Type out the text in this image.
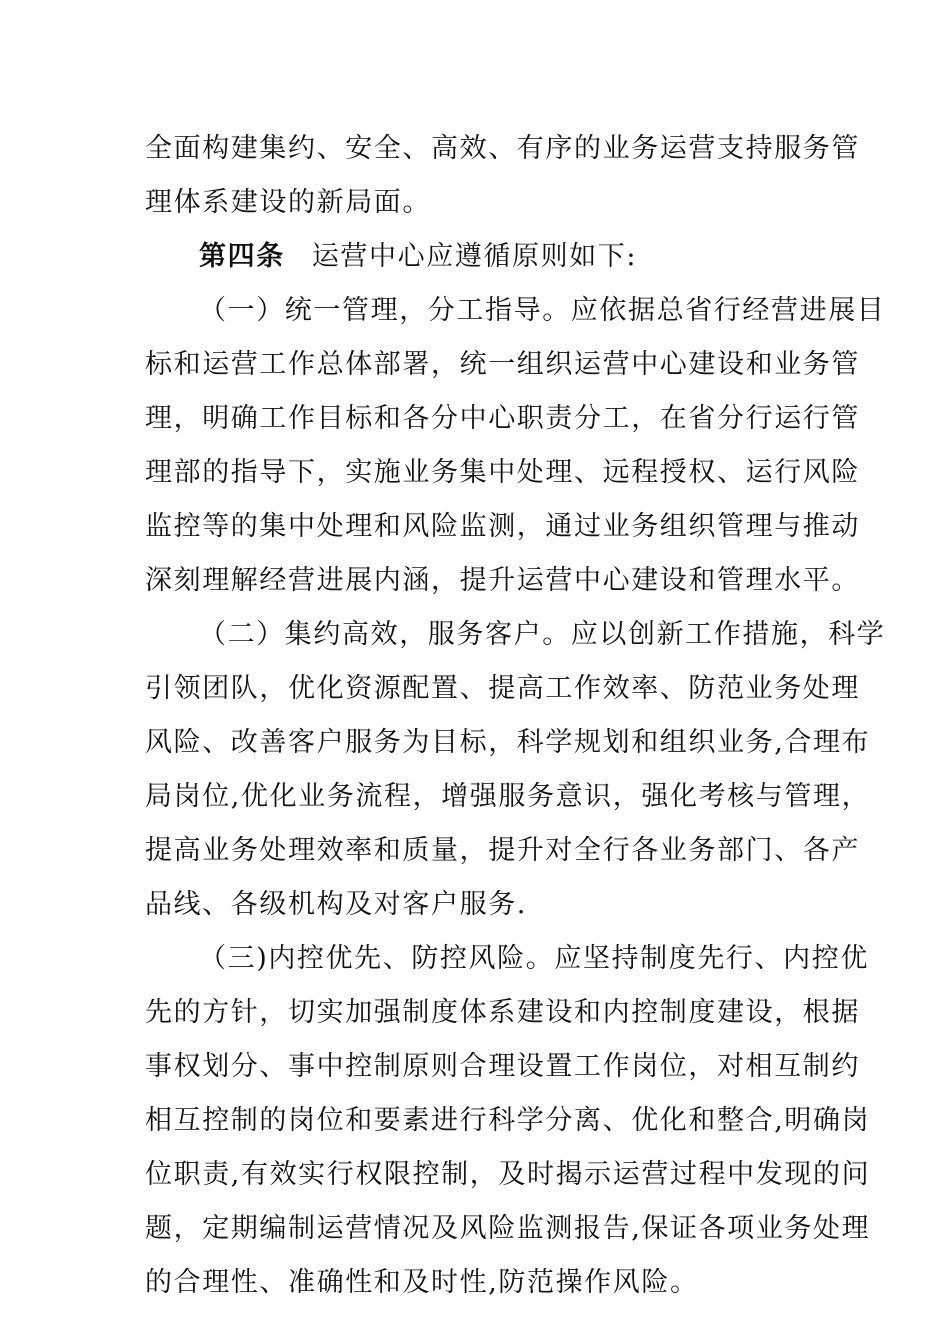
全面构建集约、安全、高效、有序的业务运营支持服务管
理体系建设的新局面。
第四条 运营中心应遵循原则如下:
（一）统一管理，分工指导。应依据总省行经营进展目
标和运营工作总体部署，统一组织运营中心建设和业务管
理，明确工作目标和各分中心职责分工，在省分行运行管
理部的指导下，实施业务集中处理、远程授权、运行风险
监控等的集中处理和风险监测，通过业务组织管理与推动
深刻理解经营进展内涵，提升运营中心建设和管理水平。
（二）集约高效，服务客户。应以创新工作措施，科学
引领团队，优化资源配置、提高工作效率、防范业务处理
风险、改善客户服务为目标，科学规划和组织业务,合理布
局岗位,优化业务流程，增强服务意识，强化考核与管理，
提高业务处理效率和质量，提升对全行各业务部门、各产
品线、各级机构及对客户服务.
（三)内控优先、防控风险。应坚持制度先行、内控优
先的方针，切实加强制度体系建设和内控制度建设，根据
事权划分、事中控制原则合理设置工作岗位，对相互制约
相互控制的岗位和要素进行科学分离、优化和整合,明确岗
位职责,有效实行权限控制，及时揭示运营过程中发现的问
题，定期编制运营情况及风险监测报告,保证各项业务处理
的合理性、准确性和及时性,防范操作风险。
